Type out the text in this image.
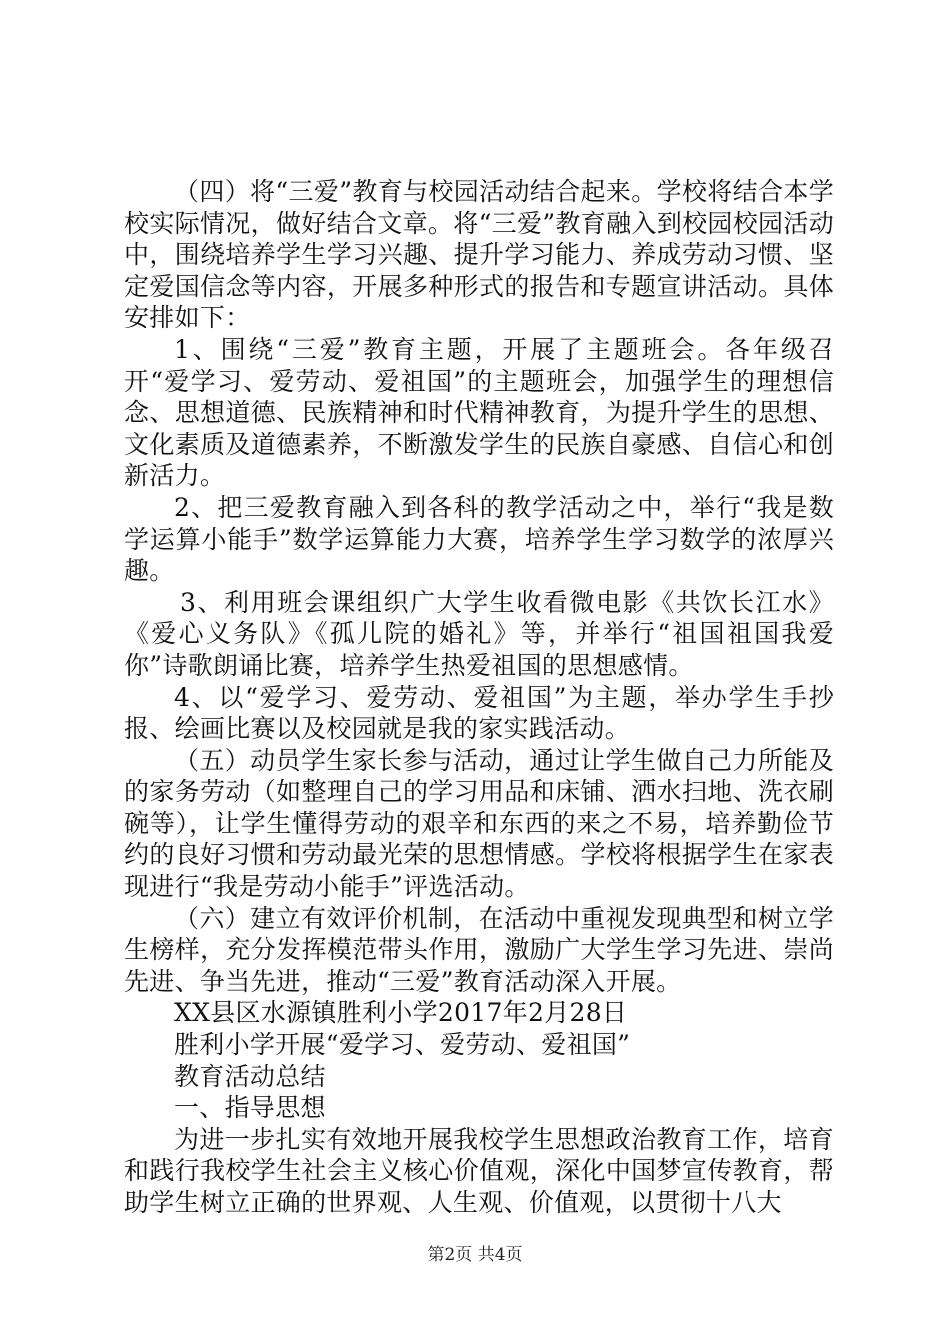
（四）将“三爱”教育与校园活动结合起来。学校将结合本学校实际情况，做好结合文章。将“三爱”教育融入到校园校园活动中，围绕培养学生学习兴趣、提升学习能力、养成劳动习惯、坚定爱国信念等内容，开展多种形式的报告和专题宣讲活动。具体安排如下：

1、围绕“三爱”教育主题，开展了主题班会。各年级召开“爱学习、爱劳动、爱祖国”的主题班会，加强学生的理想信念、思想道德、民族精神和时代精神教育，为提升学生的思想、文化素质及道德素养，不断激发学生的民族自豪感、自信心和创新活力。

2、把三爱教育融入到各科的教学活动之中，举行“我是数学运算小能手”数学运算能力大赛，培养学生学习数学的浓厚兴趣。

3、利用班会课组织广大学生收看微电影《共饮长江水》《爱心义务队》《孤儿院的婚礼》等，并举行“祖国祖国我爱你”诗歌朗诵比赛，培养学生热爱祖国的思想感情。

4、以“爱学习、爱劳动、爱祖国”为主题，举办学生手抄报、绘画比赛以及校园就是我的家实践活动。

（五）动员学生家长参与活动，通过让学生做自己力所能及的家务劳动（如整理自己的学习用品和床铺、洒水扫地、洗衣刷碗等），让学生懂得劳动的艰辛和东西的来之不易，培养勤俭节约的良好习惯和劳动最光荣的思想情感。学校将根据学生在家表现进行“我是劳动小能手”评选活动。

（六）建立有效评价机制，在活动中重视发现典型和树立学生榜样，充分发挥模范带头作用，激励广大学生学习先进、崇尚先进、争当先进，推动“三爱”教育活动深入开展。

XX县区水源镇胜利小学2017年2月28日

胜利小学开展“爱学习、爱劳动、爱祖国”

教育活动总结

一、指导思想

为进一步扎实有效地开展我校学生思想政治教育工作，培育和践行我校学生社会主义核心价值观，深化中国梦宣传教育，帮助学生树立正确的世界观、人生观、价值观，以贯彻十八大

第2页 共4页
